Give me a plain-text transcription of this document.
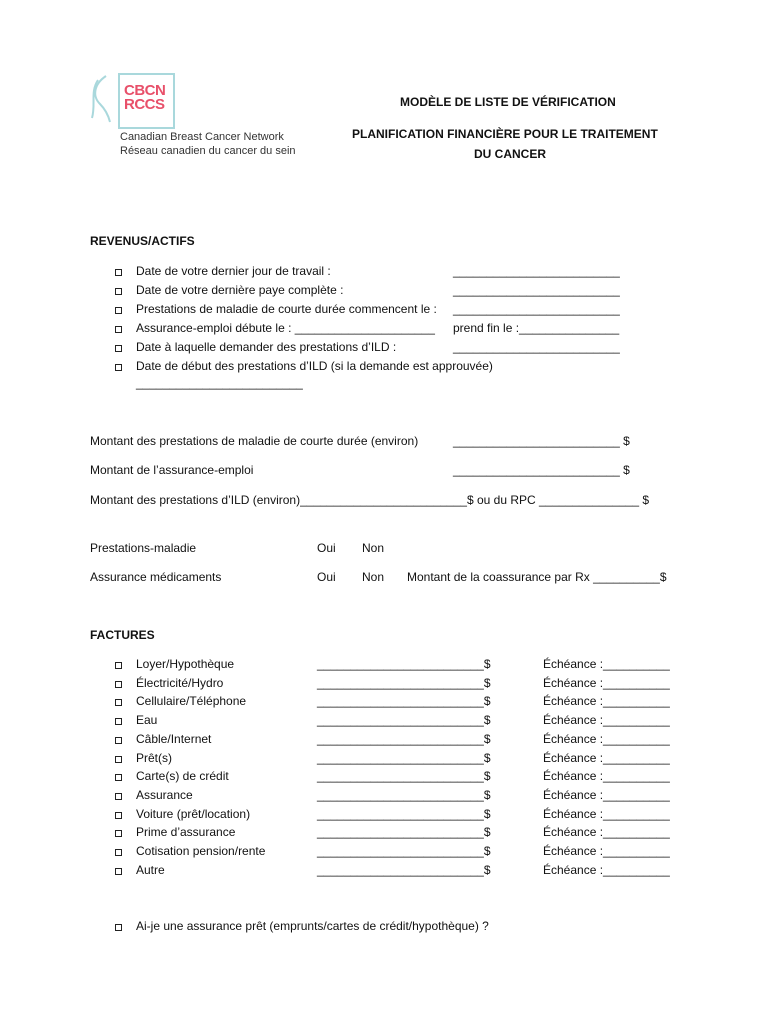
CBCN
RCCS
Canadian Breast Cancer Network
Réseau canadien du cancer du sein
MODÈLE DE LISTE DE VÉRIFICATION
PLANIFICATION FINANCIÈRE POUR LE TRAITEMENT
DU CANCER
REVENUS/ACTIFS
Date de votre dernier jour de travail :	_________________________
Date de votre dernière paye complète :	_________________________
Prestations de maladie de courte durée commencent le : _________________________
Assurance-emploi débute le : _____________________ prend fin le :_______________
Date à laquelle demander des prestations d’ILD :	_________________________
Date de début des prestations d’ILD (si la demande est approuvée)
_________________________
Montant des prestations de maladie de courte durée (environ)	_________________________ $
Montant de l’assurance-emploi	_________________________ $
Montant des prestations d’ILD (environ)_________________________$ ou du RPC _______________ $
Prestations-maladie	Oui Non
Assurance médicaments	Oui Non Montant de la coassurance par Rx __________$
FACTURES
Loyer/Hypothèque	_________________________$	Échéance :__________
Électricité/Hydro	_________________________$	Échéance :__________
Cellulaire/Téléphone	_________________________$	Échéance :__________
Eau	_________________________$	Échéance :__________
Câble/Internet	_________________________$	Échéance :__________
Prêt(s)	_________________________$	Échéance :__________
Carte(s) de crédit	_________________________$	Échéance :__________
Assurance	_________________________$	Échéance :__________
Voiture (prêt/location)	_________________________$	Échéance :__________
Prime d’assurance	_________________________$	Échéance :__________
Cotisation pension/rente	_________________________$	Échéance :__________
Autre	_________________________$	Échéance :__________
Ai-je une assurance prêt (emprunts/cartes de crédit/hypothèque) ?
